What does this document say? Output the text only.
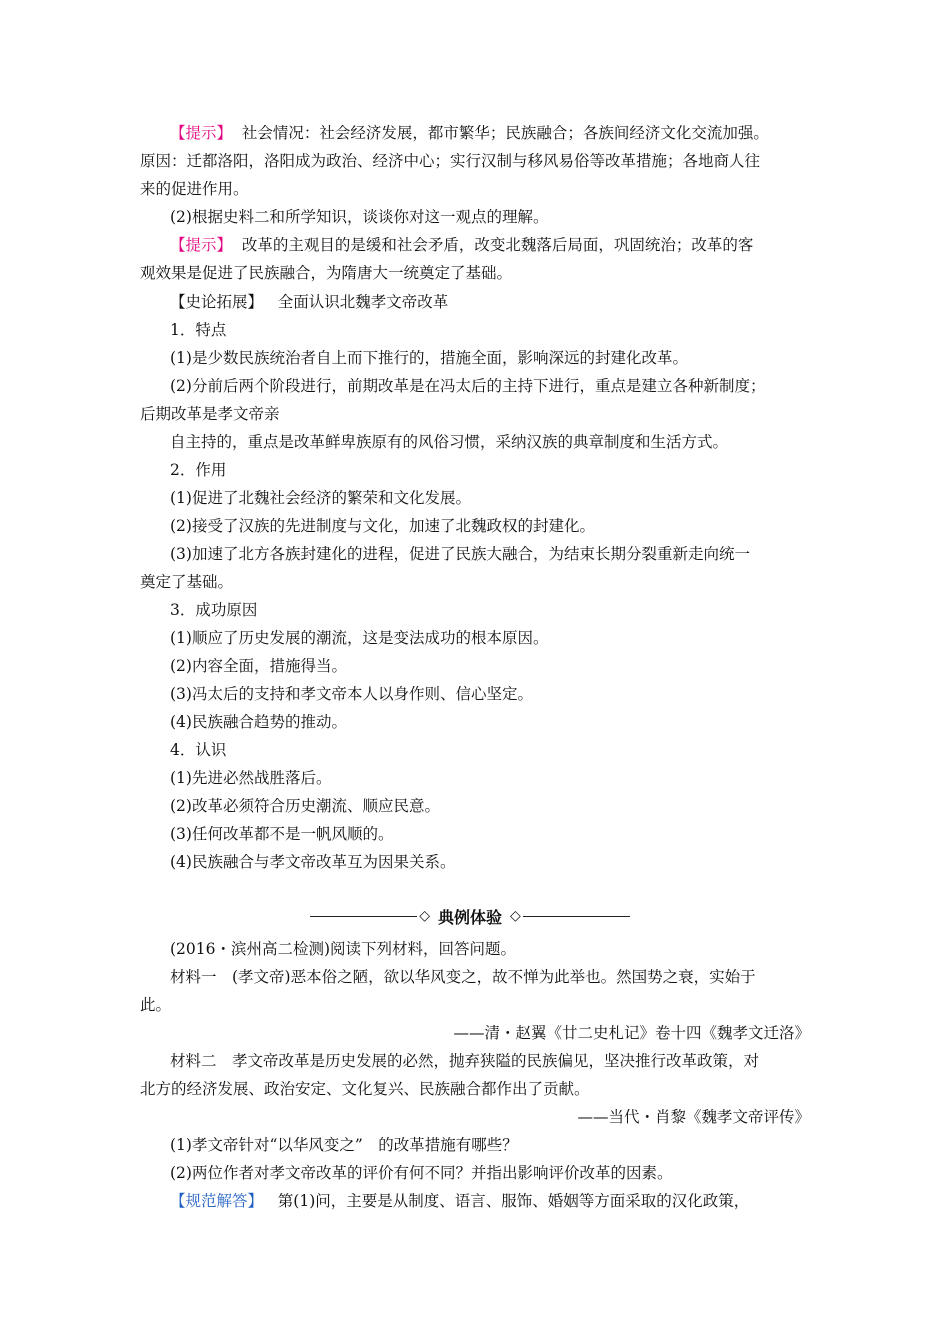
【提示】 社会情况：社会经济发展，都市繁华；民族融合；各族间经济文化交流加强。
原因：迁都洛阳，洛阳成为政治、经济中心；实行汉制与移风易俗等改革措施；各地商人往
来的促进作用。
(2)根据史料二和所学知识，谈谈你对这一观点的理解。
【提示】 改革的主观目的是缓和社会矛盾，改变北魏落后局面，巩固统治；改革的客
观效果是促进了民族融合，为隋唐大一统奠定了基础。
【史论拓展】 全面认识北魏孝文帝改革
1．特点
(1)是少数民族统治者自上而下推行的，措施全面，影响深远的封建化改革。
(2)分前后两个阶段进行，前期改革是在冯太后的主持下进行，重点是建立各种新制度；
后期改革是孝文帝亲
自主持的，重点是改革鲜卑族原有的风俗习惯，采纳汉族的典章制度和生活方式。
2．作用
(1)促进了北魏社会经济的繁荣和文化发展。
(2)接受了汉族的先进制度与文化，加速了北魏政权的封建化。
(3)加速了北方各族封建化的进程，促进了民族大融合，为结束长期分裂重新走向统一
奠定了基础。
3．成功原因
(1)顺应了历史发展的潮流，这是变法成功的根本原因。
(2)内容全面，措施得当。
(3)冯太后的支持和孝文帝本人以身作则、信心坚定。
(4)民族融合趋势的推动。
4．认识
(1)先进必然战胜落后。
(2)改革必须符合历史潮流、顺应民意。
(3)任何改革都不是一帆风顺的。
(4)民族融合与孝文帝改革互为因果关系。
◇ 典例体验 ◇
(2016・滨州高二检测)阅读下列材料，回答问题。
材料一　(孝文帝)恶本俗之陋，欲以华风变之，故不惮为此举也。然国势之衰，实始于
此。
——清・赵翼《廿二史札记》卷十四《魏孝文迁洛》
材料二　孝文帝改革是历史发展的必然，抛弃狭隘的民族偏见，坚决推行改革政策，对
北方的经济发展、政治安定、文化复兴、民族融合都作出了贡献。
——当代・肖黎《魏孝文帝评传》
(1)孝文帝针对“以华风变之”　的改革措施有哪些？
(2)两位作者对孝文帝改革的评价有何不同？并指出影响评价改革的因素。
【规范解答】 第(1)问，主要是从制度、语言、服饰、婚姻等方面采取的汉化政策，
